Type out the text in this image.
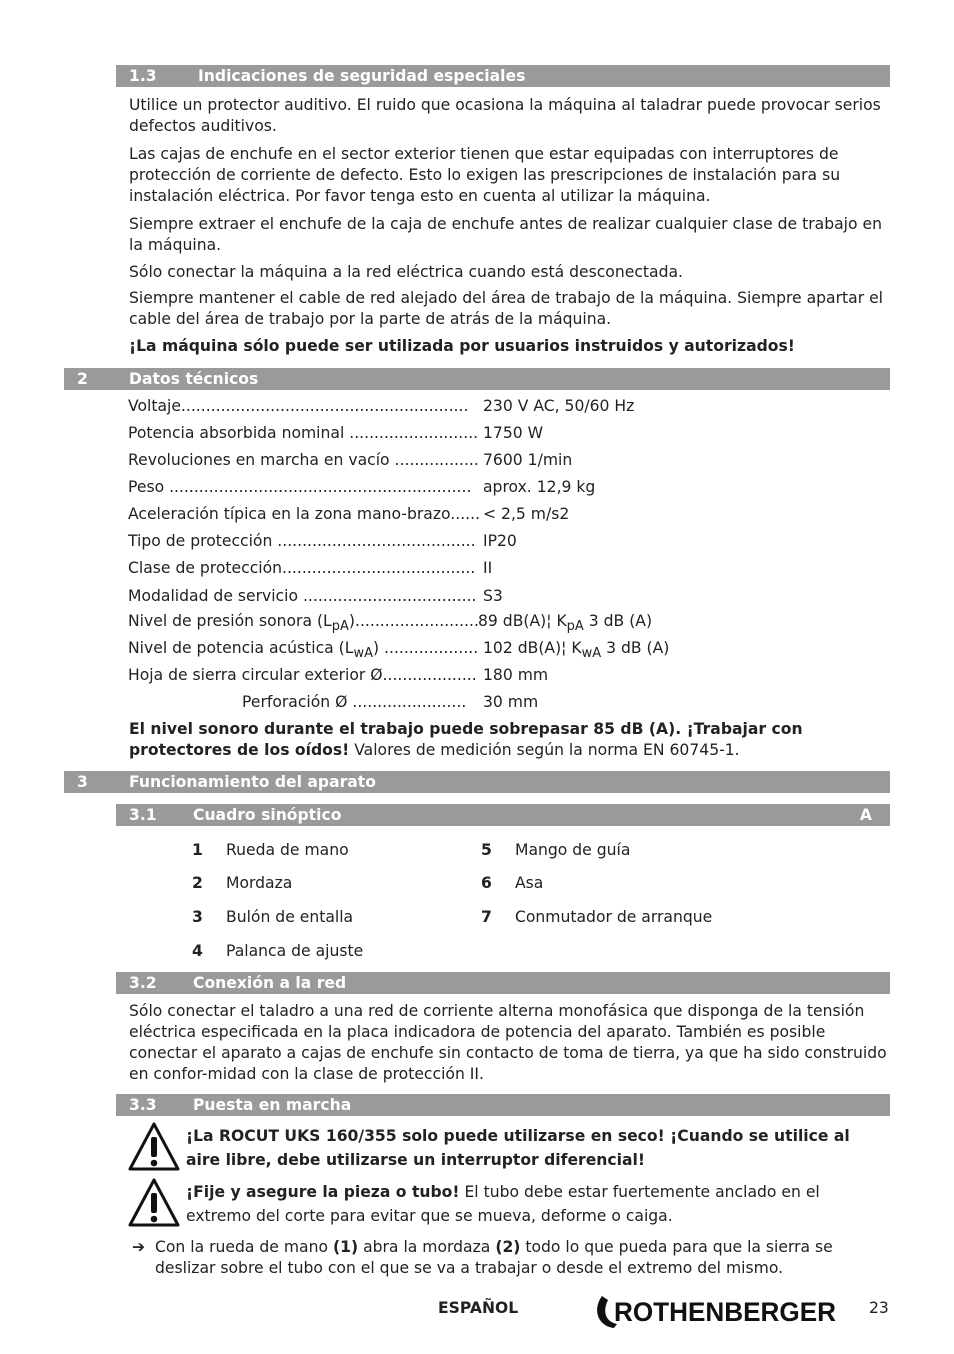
1.3	Indicaciones de seguridad especiales

Utilice un protector auditivo. El ruido que ocasiona la máquina al taladrar puede provocar serios defectos auditivos.

Las cajas de enchufe en el sector exterior tienen que estar equipadas con interruptores de protección de corriente de defecto. Esto lo exigen las prescripciones de instalación para su instalación eléctrica. Por favor tenga esto en cuenta al utilizar la máquina.

Siempre extraer el enchufe de la caja de enchufe antes de realizar cualquier clase de trabajo en la máquina.

Sólo conectar la máquina a la red eléctrica cuando está desconectada.

Siempre mantener el cable de red alejado del área de trabajo de la máquina. Siempre apartar el cable del área de trabajo por la parte de atrás de la máquina.

¡La máquina sólo puede ser utilizada por usuarios instruidos y autorizados!

2	Datos técnicos
Voltaje.......................................................... 230 V AC, 50/60 Hz
Potencia absorbida nominal .......................... 1750 W
Revoluciones en marcha en vacío ................. 7600 1/min
Peso ............................................................. aprox. 12,9 kg
Aceleración típica en la zona mano-brazo...... < 2,5 m/s2
Tipo de protección ........................................ IP20
Clase de protección....................................... II
Modalidad de servicio ................................... S3
Nivel de presión sonora $(L_{pA})$......................... 89 dB(A)¦ $K_{pA}$ 3 dB (A)
Nivel de potencia acústica $(L_{wA})$ ................... 102 dB(A)¦ $K_{wA}$ 3 dB (A)
Hoja de sierra circular exterior Ø................... 180 mm
Perforación Ø ....................... 30 mm

El nivel sonoro durante el trabajo puede sobrepasar 85 dB (A). ¡Trabajar con protectores de los oídos! Valores de medición según la norma EN 60745-1.

3	Funcionamiento del aparato
3.1 Cuadro sinóptico	A
1 Rueda de mano
2 Mordaza
3 Bulón de entalla
4 Palanca de ajuste
5 Mango de guía
6 Asa
7 Conmutador de arranque
3.2 Conexión a la red

Sólo conectar el taladro a una red de corriente alterna monofásica que disponga de la tensión eléctrica especificada en la placa indicadora de potencia del aparato. También es posible conectar el aparato a cajas de enchufe sin contacto de toma de tierra, ya que ha sido construido en confor-midad con la clase de protección II.

3.3 Puesta en marcha

¡La ROCUT UKS 160/355 solo puede utilizarse en seco! ¡Cuando se utilice al aire libre, debe utilizarse un interruptor diferencial!

¡Fije y asegure la pieza o tubo! El tubo debe estar fuertemente anclado en el extremo del corte para evitar que se mueva, deforme o caiga.

➔ Con la rueda de mano (1) abra la mordaza (2) todo lo que pueda para que la sierra se deslizar sobre el tubo con el que se va a trabajar o desde el extremo del mismo.

ESPAÑOL	ROTHENBERGER 23
